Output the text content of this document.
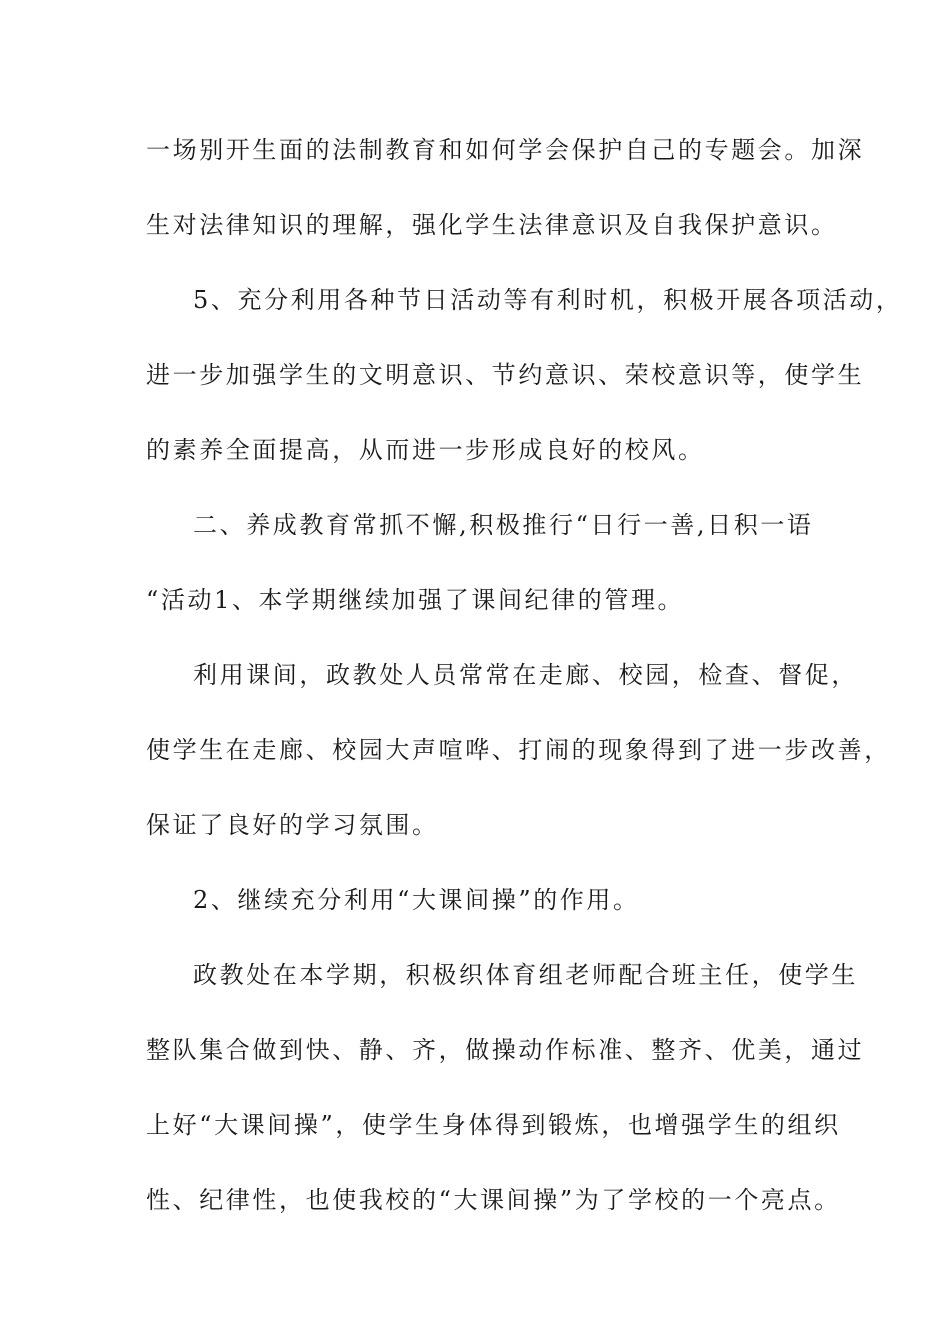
一场别开生面的法制教育和如何学会保护自己的专题会。加深
生对法律知识的理解，强化学生法律意识及自我保护意识。
5、充分利用各种节日活动等有利时机，积极开展各项活动，
进一步加强学生的文明意识、节约意识、荣校意识等，使学生
的素养全面提高，从而进一步形成良好的校风。
二、养成教育常抓不懈,积极推行“日行一善,日积一语
“活动1、本学期继续加强了课间纪律的管理。
利用课间，政教处人员常常在走廊、校园，检查、督促，
使学生在走廊、校园大声喧哗、打闹的现象得到了进一步改善，
保证了良好的学习氛围。
2、继续充分利用“大课间操”的作用。
政教处在本学期，积极织体育组老师配合班主任，使学生
整队集合做到快、静、齐，做操动作标准、整齐、优美，通过
上好“大课间操”，使学生身体得到锻炼，也增强学生的组织
性、纪律性，也使我校的“大课间操”为了学校的一个亮点。
